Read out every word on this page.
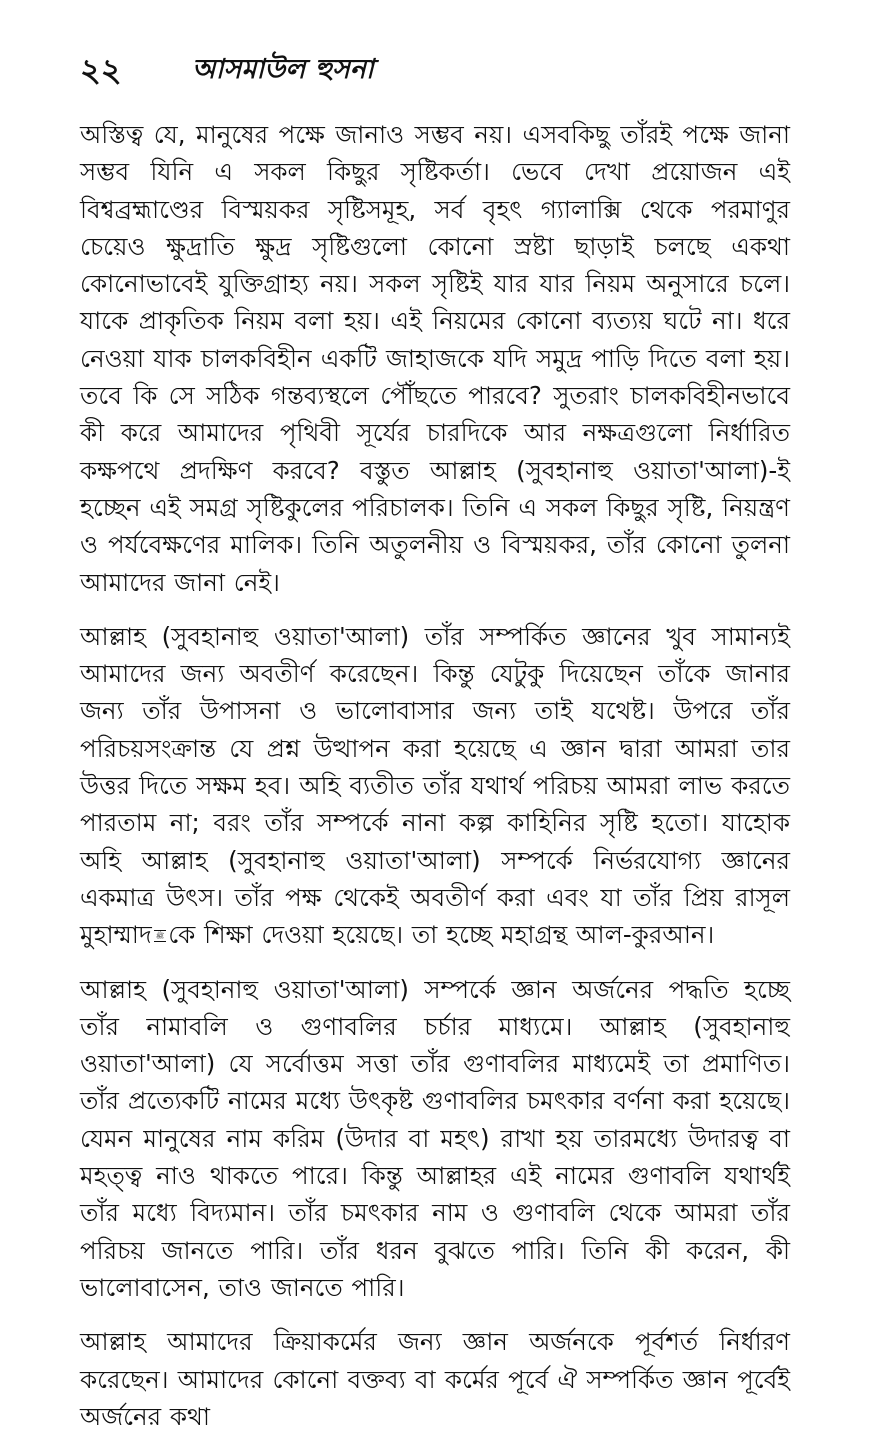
২২	আসমাউল হুসনা

অস্তিত্ব যে, মানুষের পক্ষে জানাও সম্ভব নয়। এসবকিছু তাঁরই পক্ষে জানা সম্ভব যিনি এ সকল কিছুর সৃষ্টিকর্তা। ভেবে দেখা প্রয়োজন এই বিশ্বব্রহ্মাণ্ডের বিস্ময়কর সৃষ্টিসমূহ, সর্ব বৃহৎ গ্যালাক্সি থেকে পরমাণুর চেয়েও ক্ষুদ্রাতি ক্ষুদ্র সৃষ্টিগুলো কোনো স্রষ্টা ছাড়াই চলছে একথা কোনোভাবেই যুক্তিগ্রাহ্য নয়। সকল সৃষ্টিই যার যার নিয়ম অনুসারে চলে। যাকে প্রাকৃতিক নিয়ম বলা হয়। এই নিয়মের কোনো ব্যত্যয় ঘটে না। ধরে নেওয়া যাক চালকবিহীন একটি জাহাজকে যদি সমুদ্র পাড়ি দিতে বলা হয়। তবে কি সে সঠিক গন্তব্যস্থলে পৌঁছতে পারবে? সুতরাং চালকবিহীনভাবে কী করে আমাদের পৃথিবী সূর্যের চারদিকে আর নক্ষত্রগুলো নির্ধারিত কক্ষপথে প্রদক্ষিণ করবে? বস্তুত আল্লাহ (সুবহানাহু ওয়াতা'আলা)-ই হচ্ছেন এই সমগ্র সৃষ্টিকুলের পরিচালক। তিনি এ সকল কিছুর সৃষ্টি, নিয়ন্ত্রণ ও পর্যবেক্ষণের মালিক। তিনি অতুলনীয় ও বিস্ময়কর, তাঁর কোনো তুলনা আমাদের জানা নেই।

আল্লাহ (সুবহানাহু ওয়াতা'আলা) তাঁর সম্পর্কিত জ্ঞানের খুব সামান্যই আমাদের জন্য অবতীর্ণ করেছেন। কিন্তু যেটুকু দিয়েছেন তাঁকে জানার জন্য তাঁর উপাসনা ও ভালোবাসার জন্য তাই যথেষ্ট। উপরে তাঁর পরিচয়সংক্রান্ত যে প্রশ্ন উত্থাপন করা হয়েছে এ জ্ঞান দ্বারা আমরা তার উত্তর দিতে সক্ষম হব। অহি ব্যতীত তাঁর যথার্থ পরিচয় আমরা লাভ করতে পারতাম না; বরং তাঁর সম্পর্কে নানা কল্প কাহিনির সৃষ্টি হতো। যাহোক অহি আল্লাহ (সুবহানাহু ওয়াতা'আলা) সম্পর্কে নির্ভরযোগ্য জ্ঞানের একমাত্র উৎস। তাঁর পক্ষ থেকেই অবতীর্ণ করা এবং যা তাঁর প্রিয় রাসূল মুহাম্মাদ ﷺ কে শিক্ষা দেওয়া হয়েছে। তা হচ্ছে মহাগ্রন্থ আল-কুরআন।

আল্লাহ (সুবহানাহু ওয়াতা'আলা) সম্পর্কে জ্ঞান অর্জনের পদ্ধতি হচ্ছে তাঁর নামাবলি ও গুণাবলির চর্চার মাধ্যমে। আল্লাহ (সুবহানাহু ওয়াতা'আলা) যে সর্বোত্তম সত্তা তাঁর গুণাবলির মাধ্যমেই তা প্রমাণিত। তাঁর প্রত্যেকটি নামের মধ্যে উৎকৃষ্ট গুণাবলির চমৎকার বর্ণনা করা হয়েছে। যেমন মানুষের নাম করিম (উদার বা মহৎ) রাখা হয় তারমধ্যে উদারত্ব বা মহত্ত্ব নাও থাকতে পারে। কিন্তু আল্লাহর এই নামের গুণাবলি যথার্থই তাঁর মধ্যে বিদ্যমান। তাঁর চমৎকার নাম ও গুণাবলি থেকে আমরা তাঁর পরিচয় জানতে পারি। তাঁর ধরন বুঝতে পারি। তিনি কী করেন, কী ভালোবাসেন, তাও জানতে পারি।

আল্লাহ আমাদের ক্রিয়াকর্মের জন্য জ্ঞান অর্জনকে পূর্বশর্ত নির্ধারণ করেছেন। আমাদের কোনো বক্তব্য বা কর্মের পূর্বে ঐ সম্পর্কিত জ্ঞান পূর্বেই অর্জনের কথা
